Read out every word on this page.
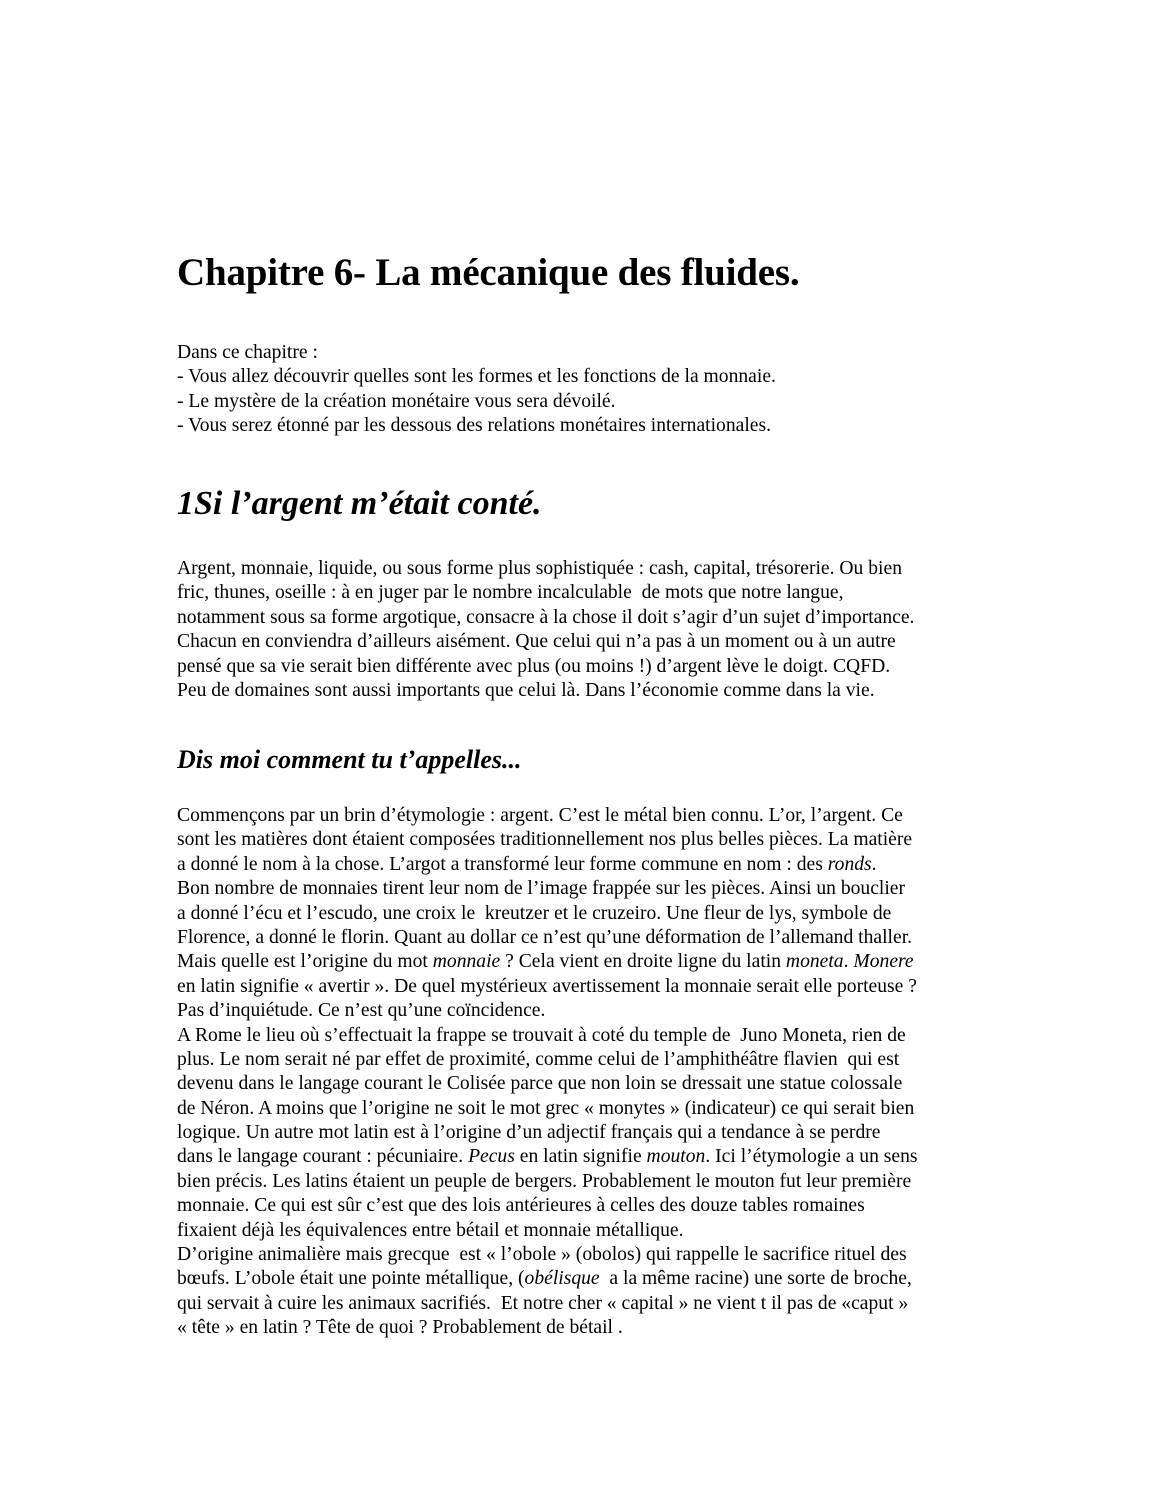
Chapitre 6- La mécanique des fluides.
Dans ce chapitre :
- Vous allez découvrir quelles sont les formes et les fonctions de la monnaie.
- Le mystère de la création monétaire vous sera dévoilé.
- Vous serez étonné par les dessous des relations monétaires internationales.
1Si l’argent m’était conté.
Argent, monnaie, liquide, ou sous forme plus sophistiquée : cash, capital, trésorerie. Ou bien
fric, thunes, oseille : à en juger par le nombre incalculable  de mots que notre langue,
notamment sous sa forme argotique, consacre à la chose il doit s’agir d’un sujet d’importance.
Chacun en conviendra d’ailleurs aisément. Que celui qui n’a pas à un moment ou à un autre
pensé que sa vie serait bien différente avec plus (ou moins !) d’argent lève le doigt. CQFD.
Peu de domaines sont aussi importants que celui là. Dans l’économie comme dans la vie.
Dis moi comment tu t’appelles...
Commençons par un brin d’étymologie : argent. C’est le métal bien connu. L’or, l’argent. Ce
sont les matières dont étaient composées traditionnellement nos plus belles pièces. La matière
a donné le nom à la chose. L’argot a transformé leur forme commune en nom : des ronds.
Bon nombre de monnaies tirent leur nom de l’image frappée sur les pièces. Ainsi un bouclier
a donné l’écu et l’escudo, une croix le  kreutzer et le cruzeiro. Une fleur de lys, symbole de
Florence, a donné le florin. Quant au dollar ce n’est qu’une déformation de l’allemand thaller.
Mais quelle est l’origine du mot monnaie ? Cela vient en droite ligne du latin moneta. Monere
en latin signifie « avertir ». De quel mystérieux avertissement la monnaie serait elle porteuse ?
Pas d’inquiétude. Ce n’est qu’une coïncidence.
A Rome le lieu où s’effectuait la frappe se trouvait à coté du temple de  Juno Moneta, rien de
plus. Le nom serait né par effet de proximité, comme celui de l’amphithéâtre flavien  qui est
devenu dans le langage courant le Colisée parce que non loin se dressait une statue colossale
de Néron. A moins que l’origine ne soit le mot grec « monytes » (indicateur) ce qui serait bien
logique. Un autre mot latin est à l’origine d’un adjectif français qui a tendance à se perdre
dans le langage courant : pécuniaire. Pecus en latin signifie mouton. Ici l’étymologie a un sens
bien précis. Les latins étaient un peuple de bergers. Probablement le mouton fut leur première
monnaie. Ce qui est sûr c’est que des lois antérieures à celles des douze tables romaines
fixaient déjà les équivalences entre bétail et monnaie métallique.
D’origine animalière mais grecque  est « l’obole » (obolos) qui rappelle le sacrifice rituel des
bœufs. L’obole était une pointe métallique, (obélisque  a la même racine) une sorte de broche,
qui servait à cuire les animaux sacrifiés.  Et notre cher « capital » ne vient t il pas de «caput »
« tête » en latin ? Tête de quoi ? Probablement de bétail .
